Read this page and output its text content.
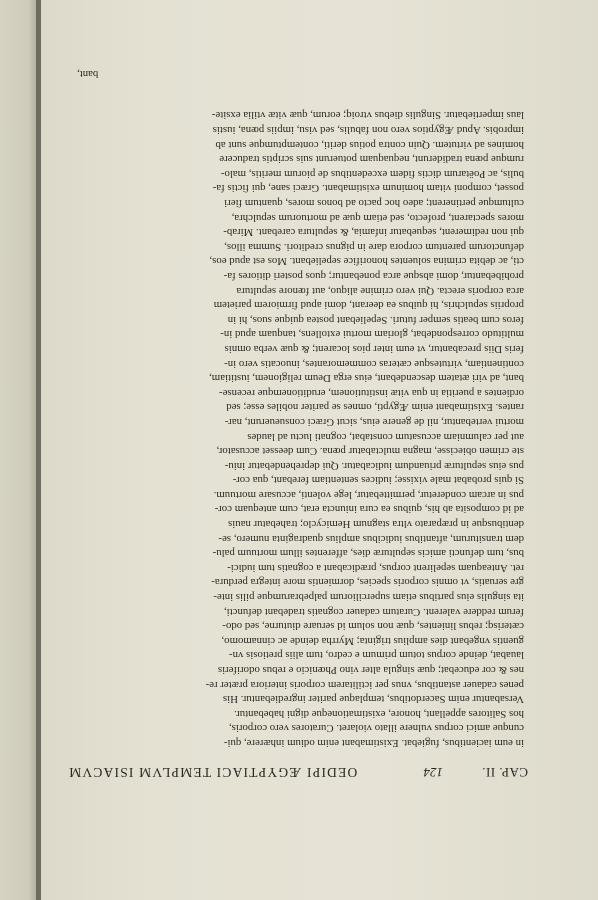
CAP. II.
124
OEDIPI ÆGYPTIACI TEMPLVM ISIACVM
in eum iacientibus, fugiebat. Existimabant enim odium inhærere, qui-
cunque amici corpus vulnere illato violaret. Curatores vero corporis,
hos Salitores appellant, honore, existimationeque digni habebantur.
Versabantur enim Sacerdotibus, templaque pariter ingrediebantur. His
penes cadauer astantibus, vnus per ictilitarem corporis interiora præter re-
nes & cor educebat; quæ singula alter vino Phœnicio e rebus odoriferis
lauabat, deinde corpus totum primum e cedro, tum aliis pretiosis vn-
guentis vngebant dies amplius triginta; Myrrha deinde ac cinnamomo,
cæterisq; rebus linientes, quæ non solum id seruare diuturne, sed odo-
ferum reddere valerent. Curatum cadauer cognatis tradebant defuncti,
ita singulis eius partibus etiam superciliorum palpebrarumque pilis inte-
gre seruatis, vt omnis corporis species, dormientis more integra perdura-
ret. Anteaquam sepelirent corpus, prædicabant a cognatis tum iudici-
bus, tum defuncti amicis sepulturæ dies, afferentes illum mortuum palu-
dem transiturum, aftantibus iudicibus amplius quadraginta numero, se-
dentibusque in præparato vltra stagnum Hemicyclo; trahebatur nauis
ad id composita ab his, quibus ea cura iniuncta erat, cum antequam cor-
pus in arcam conderetur, permittebatur, lege volenti, accusare mortuum.
Si quis probabat male vixisse; iudices sententiam ferebant, qua cor-
pus eius sepulturæ priuandum iudicabatur. Qui deprehendebatur iniu-
ste crimen obiecisse, magna mulctabatur pœna. Cum deesset accusator,
aut per calumniam accusatum constabat, cognati luctu ad laudes
mortui vertebantur, nil de genere eius, sicut Græci consueuerunt, nar-
rantes. Existimabant enim Ægypti, omnes se pariter nobiles esse; sed
ordientes a pueritia in qua vitæ institutionem, eruditionemque recense-
bant, ad viri ætatem descendebant, eius erga Deum religionem, iustitiam,
continentiam, virtutesque cæteras commemorantes, inuocatis vero in-
feris Diis precabantur, vt eum inter pios locarent; & quæ verba omnis
multitudo correspondebat, gloriam mortui extollens, tanquam apud in-
feros cum beatis semper futuri. Sepeliebant postea quique suos, hi in
propriis sepulchris, hi quibus ea deerant, domi apud firmiorem parietem
arca corporis erecta. Qui vero crimine aliquo, aut fœnore sepultura
prohibebantur, domi absque arca ponebantur; quos posteri ditiores fa-
cti, ac debita crimina soluentes honorifice sepeliebant. Mos est apud eos,
defunctorum parentum corpora dare in pignus creditori. Summa illos,
qui non redimerent, sequebatur infamia, & sepultura carebant. Mirab-
mores spectarent, profecto, sed etiam quæ ad mortuorum sepulchra,
cultumque pertinerent; adeo hoc pacto ad bonos mores, quantum fieri
posset, componi vitam hominum existimabant. Græci sane, qui fictis fa-
bulis, ac Poëtarum dictis fidem excedentibus de piorum meritis, malo-
rumque pœna tradiderunt, nequaquam potuerunt suis scriptis traducere
homines ad virtutem. Quin contra potius deriti, contemptumque sunt ab
improbis. Apud Ægyptios vero non fabulis, sed visu, impiis pœna, iustis
laus impertiebatur. Singulis diebus vtroiq; eorum, quæ vitæ vtilia exsite-
bant,
